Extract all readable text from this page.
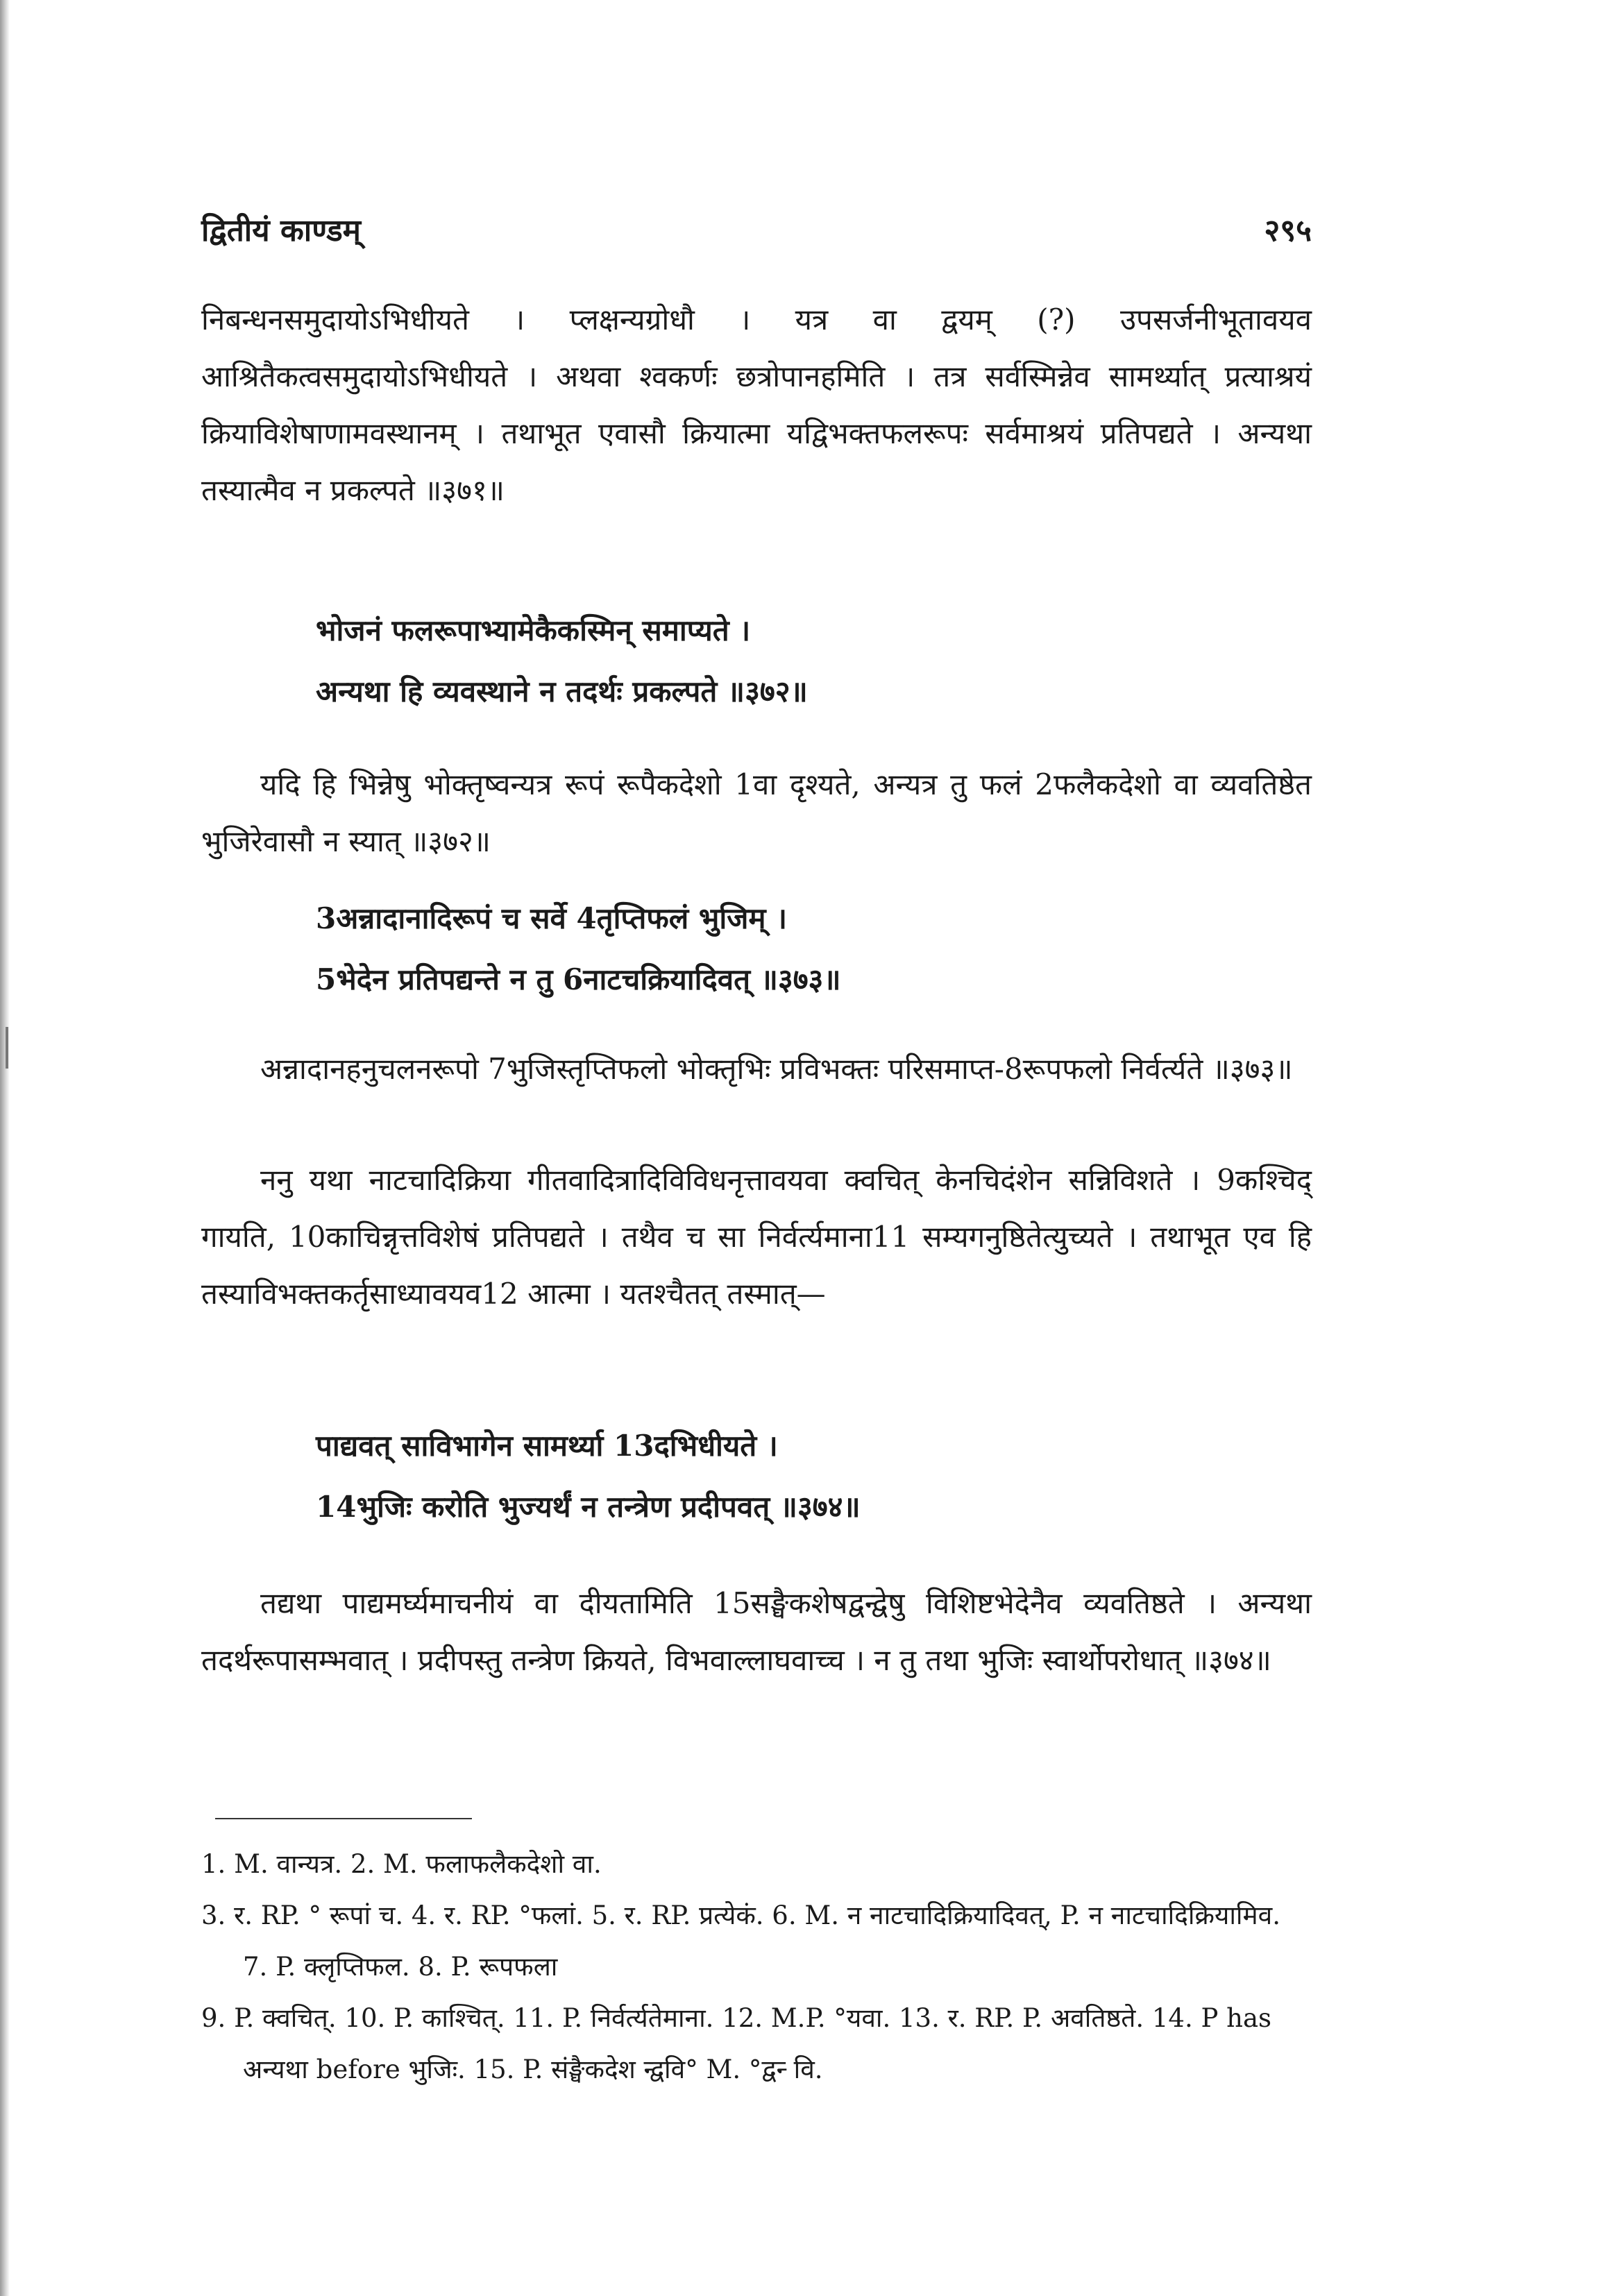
द्वितीयं काण्डम्	२९५
निबन्धनसमुदायोऽभिधीयते । प्लक्षन्यग्रोधौ । यत्र वा द्वयम् (?) उपसर्जनीभूतावयव आश्रितैकत्वसमुदायोऽभिधीयते । अथवा श्वकर्णः छत्रोपानहमिति । तत्र सर्वस्मिन्नेव सामर्थ्यात् प्रत्याश्रयं क्रियाविशेषाणामवस्थानम् । तथाभूत एवासौ क्रियात्मा यद्विभक्तफलरूपः सर्वमाश्रयं प्रतिपद्यते । अन्यथा तस्यात्मैव न प्रकल्पते ॥३७१॥
भोजनं फलरूपाभ्यामेकैकस्मिन् समाप्यते ।
अन्यथा हि व्यवस्थाने न तदर्थः प्रकल्पते ॥३७२॥
यदि हि भिन्नेषु भोक्तृष्वन्यत्र रूपं रूपैकदेशो 1वा दृश्यते, अन्यत्र तु फलं 2फलैकदेशो वा व्यवतिष्ठेत भुजिरेवासौ न स्यात् ॥३७२॥
3अन्नादानादिरूपं च सर्वे 4तृप्तिफलं भुजिम् ।
5भेदेन प्रतिपद्यन्ते न तु 6नाटचक्रियादिवत् ॥३७३॥
अन्नादानहनुचलनरूपो 7भुजिस्तृप्तिफलो भोक्तृभिः प्रविभक्तः परिसमाप्त-8रूपफलो निर्वर्त्यते ॥३७३॥
ननु यथा नाटचादिक्रिया गीतवादित्रादिविविधनृत्तावयवा क्वचित् केनचिदंशेन सन्निविशते । 9कश्चिद् गायति, 10काचिन्नृत्तविशेषं प्रतिपद्यते । तथैव च सा निर्वर्त्यमाना11 सम्यगनुष्ठितेत्युच्यते । तथाभूत एव हि तस्याविभक्तकर्तृसाध्यावयव12 आत्मा । यतश्चैतत् तस्मात्—
पाद्यवत् साविभागेन सामर्थ्या 13दभिधीयते ।
14भुजिः करोति भुज्यर्थं न तन्त्रेण प्रदीपवत् ॥३७४॥
तद्यथा पाद्यमर्घ्यमाचनीयं वा दीयतामिति 15सङ्घैकशेषद्वन्द्वेषु विशिष्टभेदेनैव व्यवतिष्ठते । अन्यथा तदर्थरूपासम्भवात् । प्रदीपस्तु तन्त्रेण क्रियते, विभवाल्लाघवाच्च । न तु तथा भुजिः स्वार्थोपरोधात् ॥३७४॥
1. M. वान्यत्र. 2. M. फलाफलैकदेशो वा.
3. र. RP. ° रूपां च. 4. र. RP. °फलां. 5. र. RP. प्रत्येकं. 6. M. न नाटचादिक्रियादिवत्, P. न नाटचादिक्रियामिव. 7. P. क्लृप्तिफल. 8. P. रूपफला
9. P. क्वचित्. 10. P. काश्चित्. 11. P. निर्वर्त्यतेमाना. 12. M.P. °यवा. 13. र. RP. P. अवतिष्ठते. 14. P has अन्यथा before भुजिः. 15. P. संङ्घैकदेश न्द्ववि° M. °द्वन्‍ वि.
